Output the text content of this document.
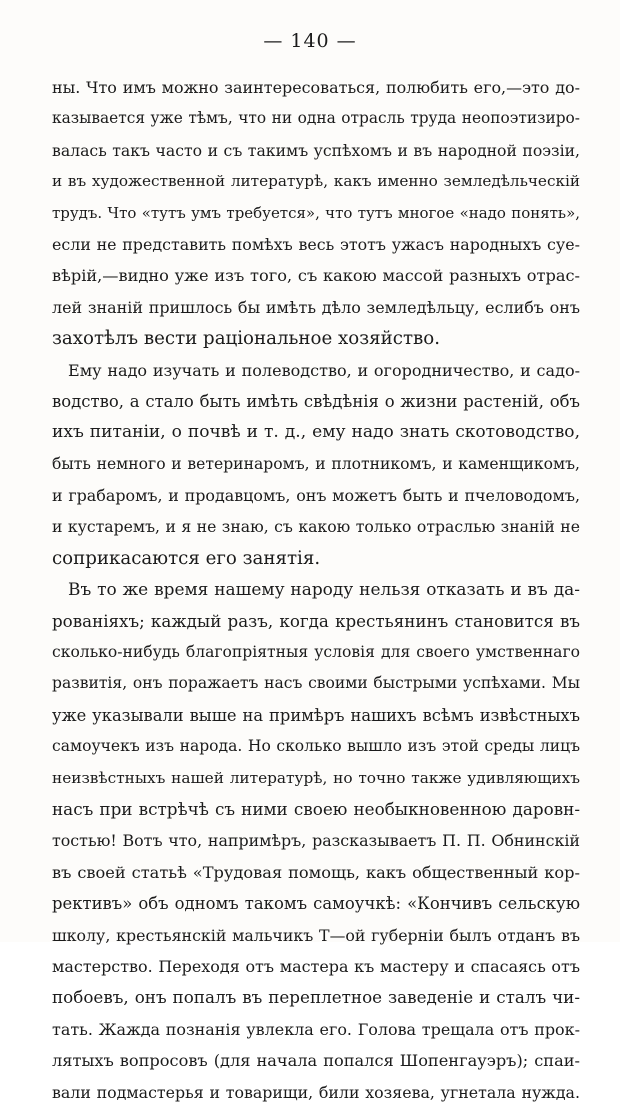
— 140 —
ны. Что имъ можно заинтересоваться, полюбить его,—это до-
казывается уже тѣмъ, что ни одна отрасль труда неопоэтизиро-
валась такъ часто и съ такимъ успѣхомъ и въ народной поэзіи,
и въ художественной литературѣ, какъ именно земледѣльческій
трудъ. Что «тутъ умъ требуется», что тутъ многое «надо понять»,
если не представить помѣхъ весь этотъ ужасъ народныхъ суе-
вѣрій,—видно уже изъ того, съ какою массой разныхъ отрас-
лей знаній пришлось бы имѣть дѣло земледѣльцу, еслибъ онъ
захотѣлъ вести раціональное хозяйство.
Ему надо изучать и полеводство, и огородничество, и садо-
водство, а стало быть имѣть свѣдѣнія о жизни растеній, объ
ихъ питаніи, о почвѣ и т. д., ему надо знать скотоводство,
быть немного и ветеринаромъ, и плотникомъ, и каменщикомъ,
и грабаромъ, и продавцомъ, онъ можетъ быть и пчеловодомъ,
и кустаремъ, и я не знаю, съ какою только отраслью знаній не
соприкасаются его занятія.
Въ то же время нашему народу нельзя отказать и въ да-
рованіяхъ; каждый разъ, когда крестьянинъ становится въ
сколько-нибудь благопріятныя условія для своего умственнаго
развитія, онъ поражаетъ насъ своими быстрыми успѣхами. Мы
уже указывали выше на примѣръ нашихъ всѣмъ извѣстныхъ
самоучекъ изъ народа. Но сколько вышло изъ этой среды лицъ
неизвѣстныхъ нашей литературѣ, но точно также удивляющихъ
насъ при встрѣчѣ съ ними своею необыкновенною даровн-
тостью! Вотъ что, напримѣръ, разсказываетъ П. П. Обнинскій
въ своей статьѣ «Трудовая помощь, какъ общественный кор-
рективъ» объ одномъ такомъ самоучкѣ: «Кончивъ сельскую
школу, крестьянскій мальчикъ Т—ой губерніи былъ отданъ въ
мастерство. Переходя отъ мастера къ мастеру и спасаясь отъ
побоевъ, онъ попалъ въ переплетное заведеніе и сталъ чи-
тать. Жажда познанія увлекла его. Голова трещала отъ прок-
лятыхъ вопросовъ (для начала попался Шопенгауэръ); спаи-
вали подмастерья и товарищи, били хозяева, угнетала нужда.
